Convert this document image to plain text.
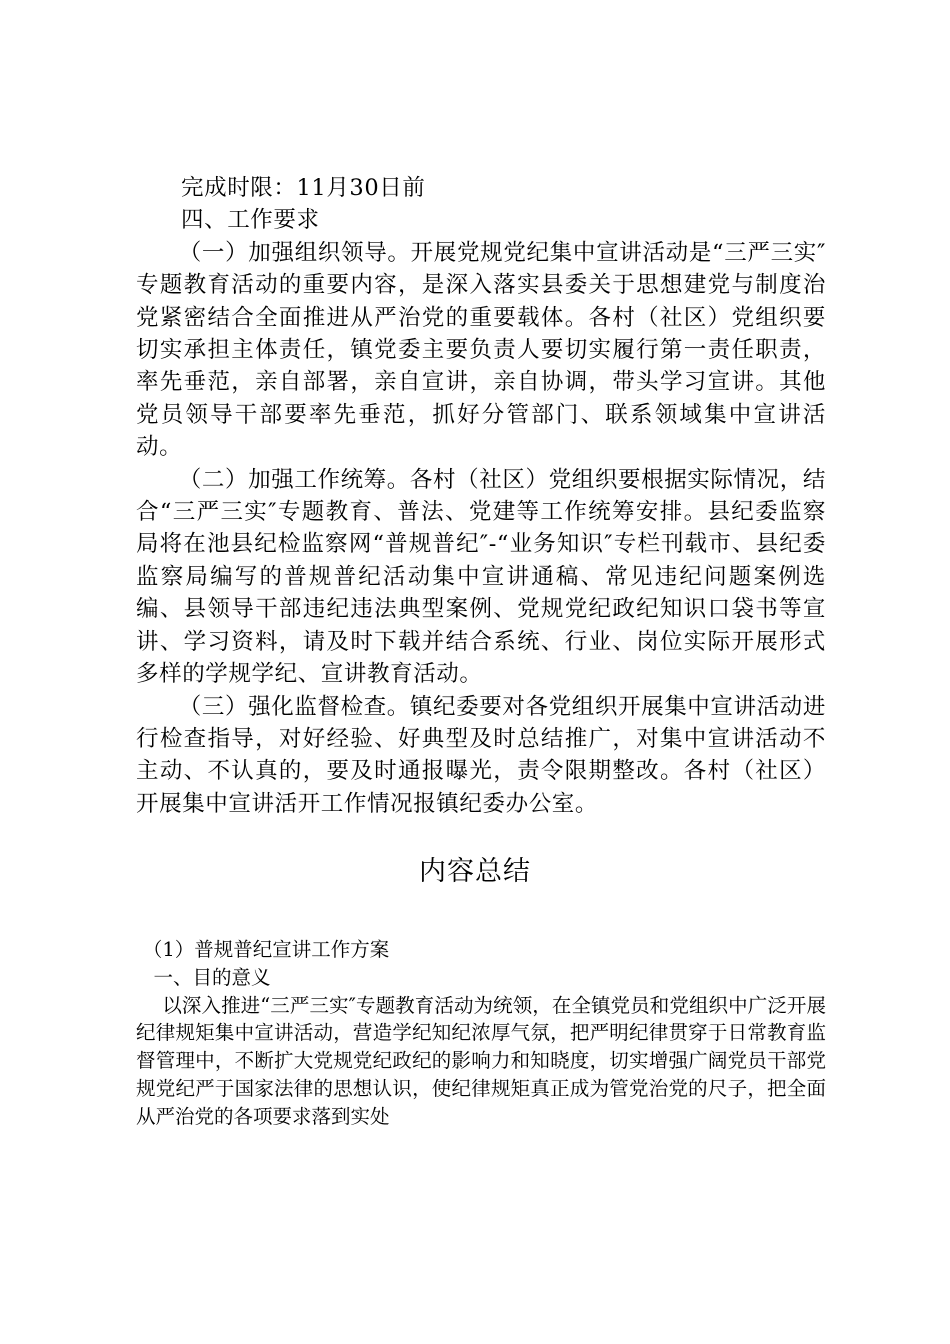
完成时限：11月30日前

四、工作要求

（一）加强组织领导。开展党规党纪集中宣讲活动是“三严三实″专题教育活动的重要内容，是深入落实县委关于思想建党与制度治党紧密结合全面推进从严治党的重要载体。各村（社区）党组织要切实承担主体责任，镇党委主要负责人要切实履行第一责任职责，率先垂范，亲自部署，亲自宣讲，亲自协调，带头学习宣讲。其他党员领导干部要率先垂范，抓好分管部门、联系领域集中宣讲活动。

（二）加强工作统筹。各村（社区）党组织要根据实际情况，结合“三严三实″专题教育、普法、党建等工作统筹安排。县纪委监察局将在池县纪检监察网“普规普纪″-“业务知识″专栏刊载市、县纪委监察局编写的普规普纪活动集中宣讲通稿、常见违纪问题案例选编、县领导干部违纪违法典型案例、党规党纪政纪知识口袋书等宣讲、学习资料，请及时下载并结合系统、行业、岗位实际开展形式多样的学规学纪、宣讲教育活动。

（三）强化监督检查。镇纪委要对各党组织开展集中宣讲活动进行检查指导，对好经验、好典型及时总结推广，对集中宣讲活动不主动、不认真的，要及时通报曝光，责令限期整改。各村（社区）开展集中宣讲活开工作情况报镇纪委办公室。

内容总结

（1）普规普纪宣讲工作方案

一、目的意义

以深入推进“三严三实″专题教育活动为统领，在全镇党员和党组织中广泛开展纪律规矩集中宣讲活动，营造学纪知纪浓厚气氛，把严明纪律贯穿于日常教育监督管理中，不断扩大党规党纪政纪的影响力和知晓度，切实增强广阔党员干部党规党纪严于国家法律的思想认识，使纪律规矩真正成为管党治党的尺子，把全面从严治党的各项要求落到实处
